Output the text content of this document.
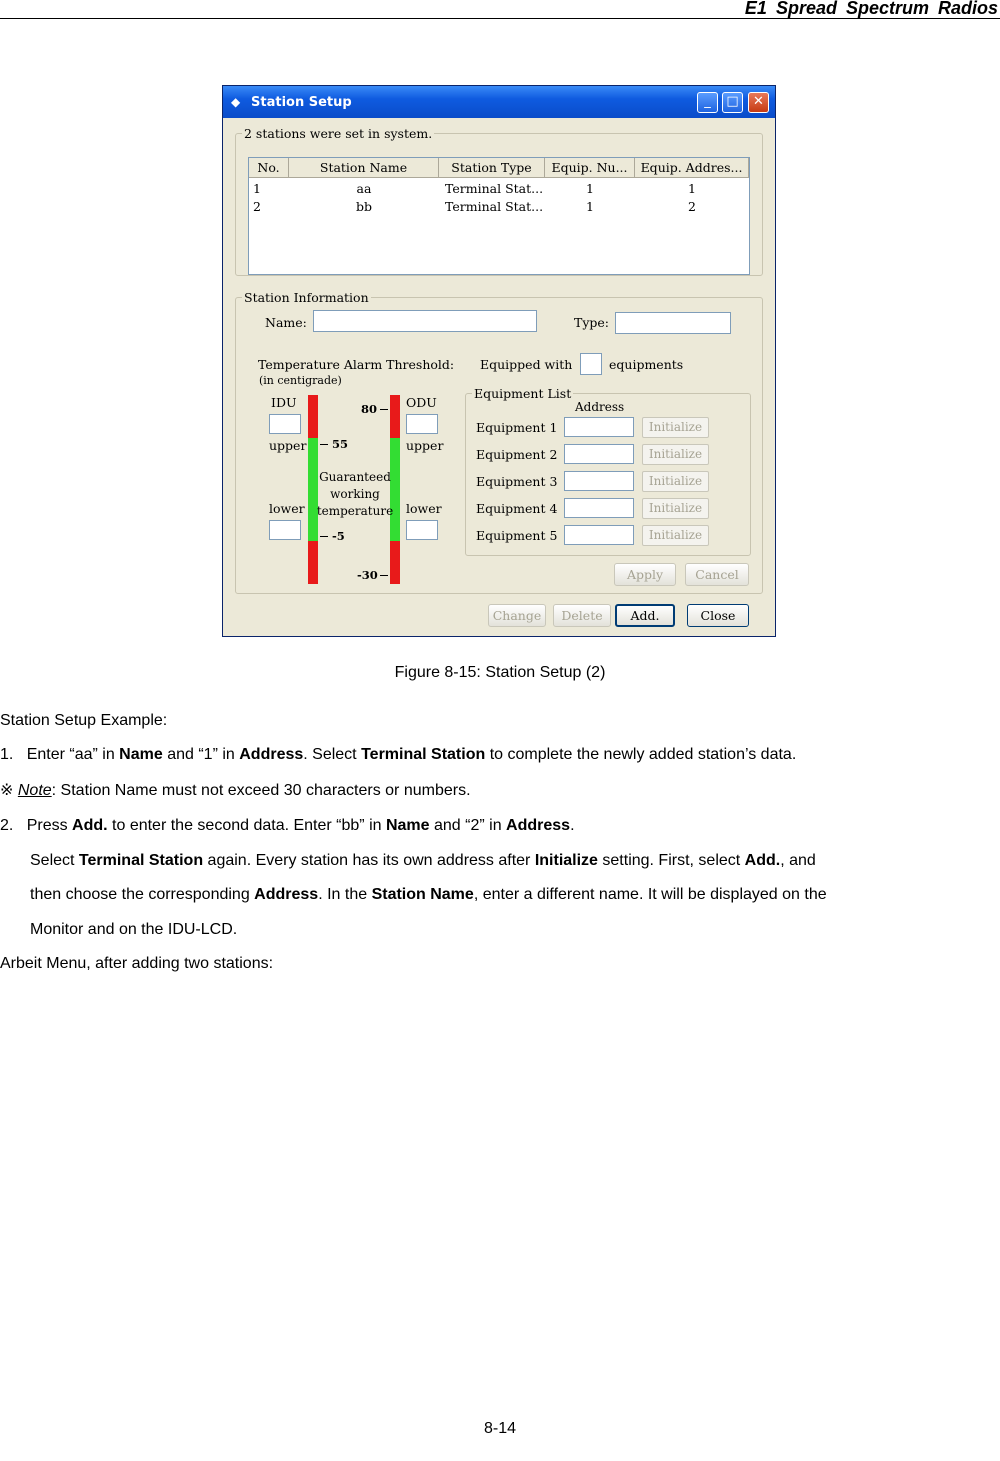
E1 Spread Spectrum Radios
◆ Station Setup	_	□	✕
2 stations were set in system.
No.	Station Name	Station Type	Equip. Nu...	Equip. Addres...
1	aa	Terminal Stat...	1	1
2	bb	Terminal Stat...	1	2
Station Information
Name:	Type:
Temperature Alarm Threshold:
(in centigrade)
Equipped with	equipments
IDU
upper
lower
80
55
Guaranteed
working
temperature
-5
-30
ODU
upper
lower
Equipment List
Address
Equipment 1	Initialize
Equipment 2	Initialize
Equipment 3	Initialize
Equipment 4	Initialize
Equipment 5	Initialize
Apply	Cancel
Change	Delete	Add.	Close
Figure 8-15: Station Setup (2)
Station Setup Example:
1. Enter “aa” in Name and “1” in Address. Select Terminal Station to complete the newly added station’s data.
※ Note: Station Name must not exceed 30 characters or numbers.
2. Press Add. to enter the second data. Enter “bb” in Name and “2” in Address.
Select Terminal Station again. Every station has its own address after Initialize setting. First, select Add., and
then choose the corresponding Address. In the Station Name, enter a different name. It will be displayed on the
Monitor and on the IDU-LCD.
Arbeit Menu, after adding two stations:
8-14
